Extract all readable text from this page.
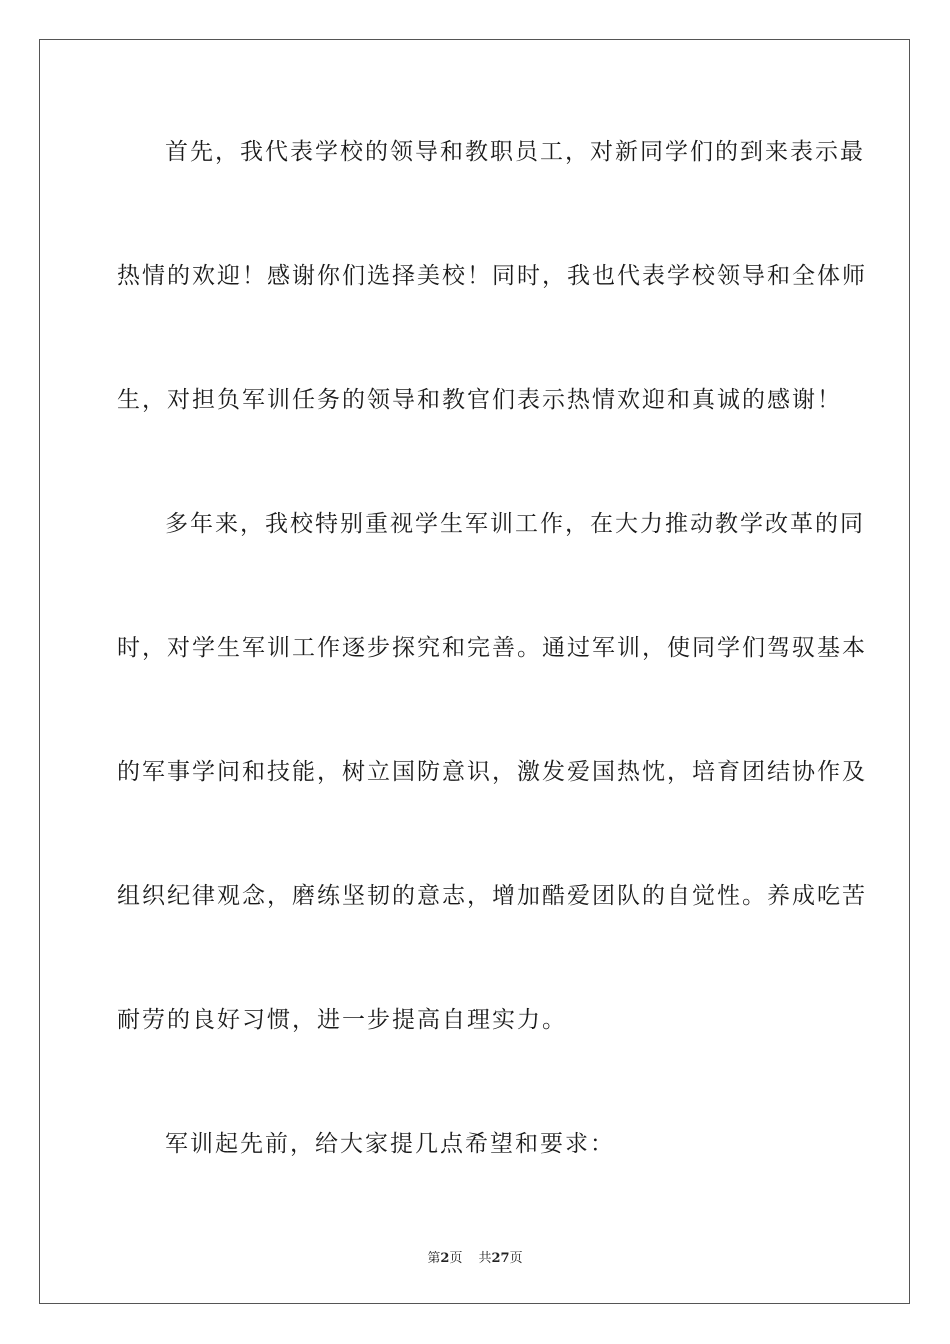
首先，我代表学校的领导和教职员工，对新同学们的到来表示最
热情的欢迎！感谢你们选择美校！同时，我也代表学校领导和全体师
生，对担负军训任务的领导和教官们表示热情欢迎和真诚的感谢！
多年来，我校特别重视学生军训工作，在大力推动教学改革的同
时，对学生军训工作逐步探究和完善。通过军训，使同学们驾驭基本
的军事学问和技能，树立国防意识，激发爱国热忱，培育团结协作及
组织纪律观念，磨练坚韧的意志，增加酷爱团队的自觉性。养成吃苦
耐劳的良好习惯，进一步提高自理实力。
军训起先前，给大家提几点希望和要求：
第2页 共27页
